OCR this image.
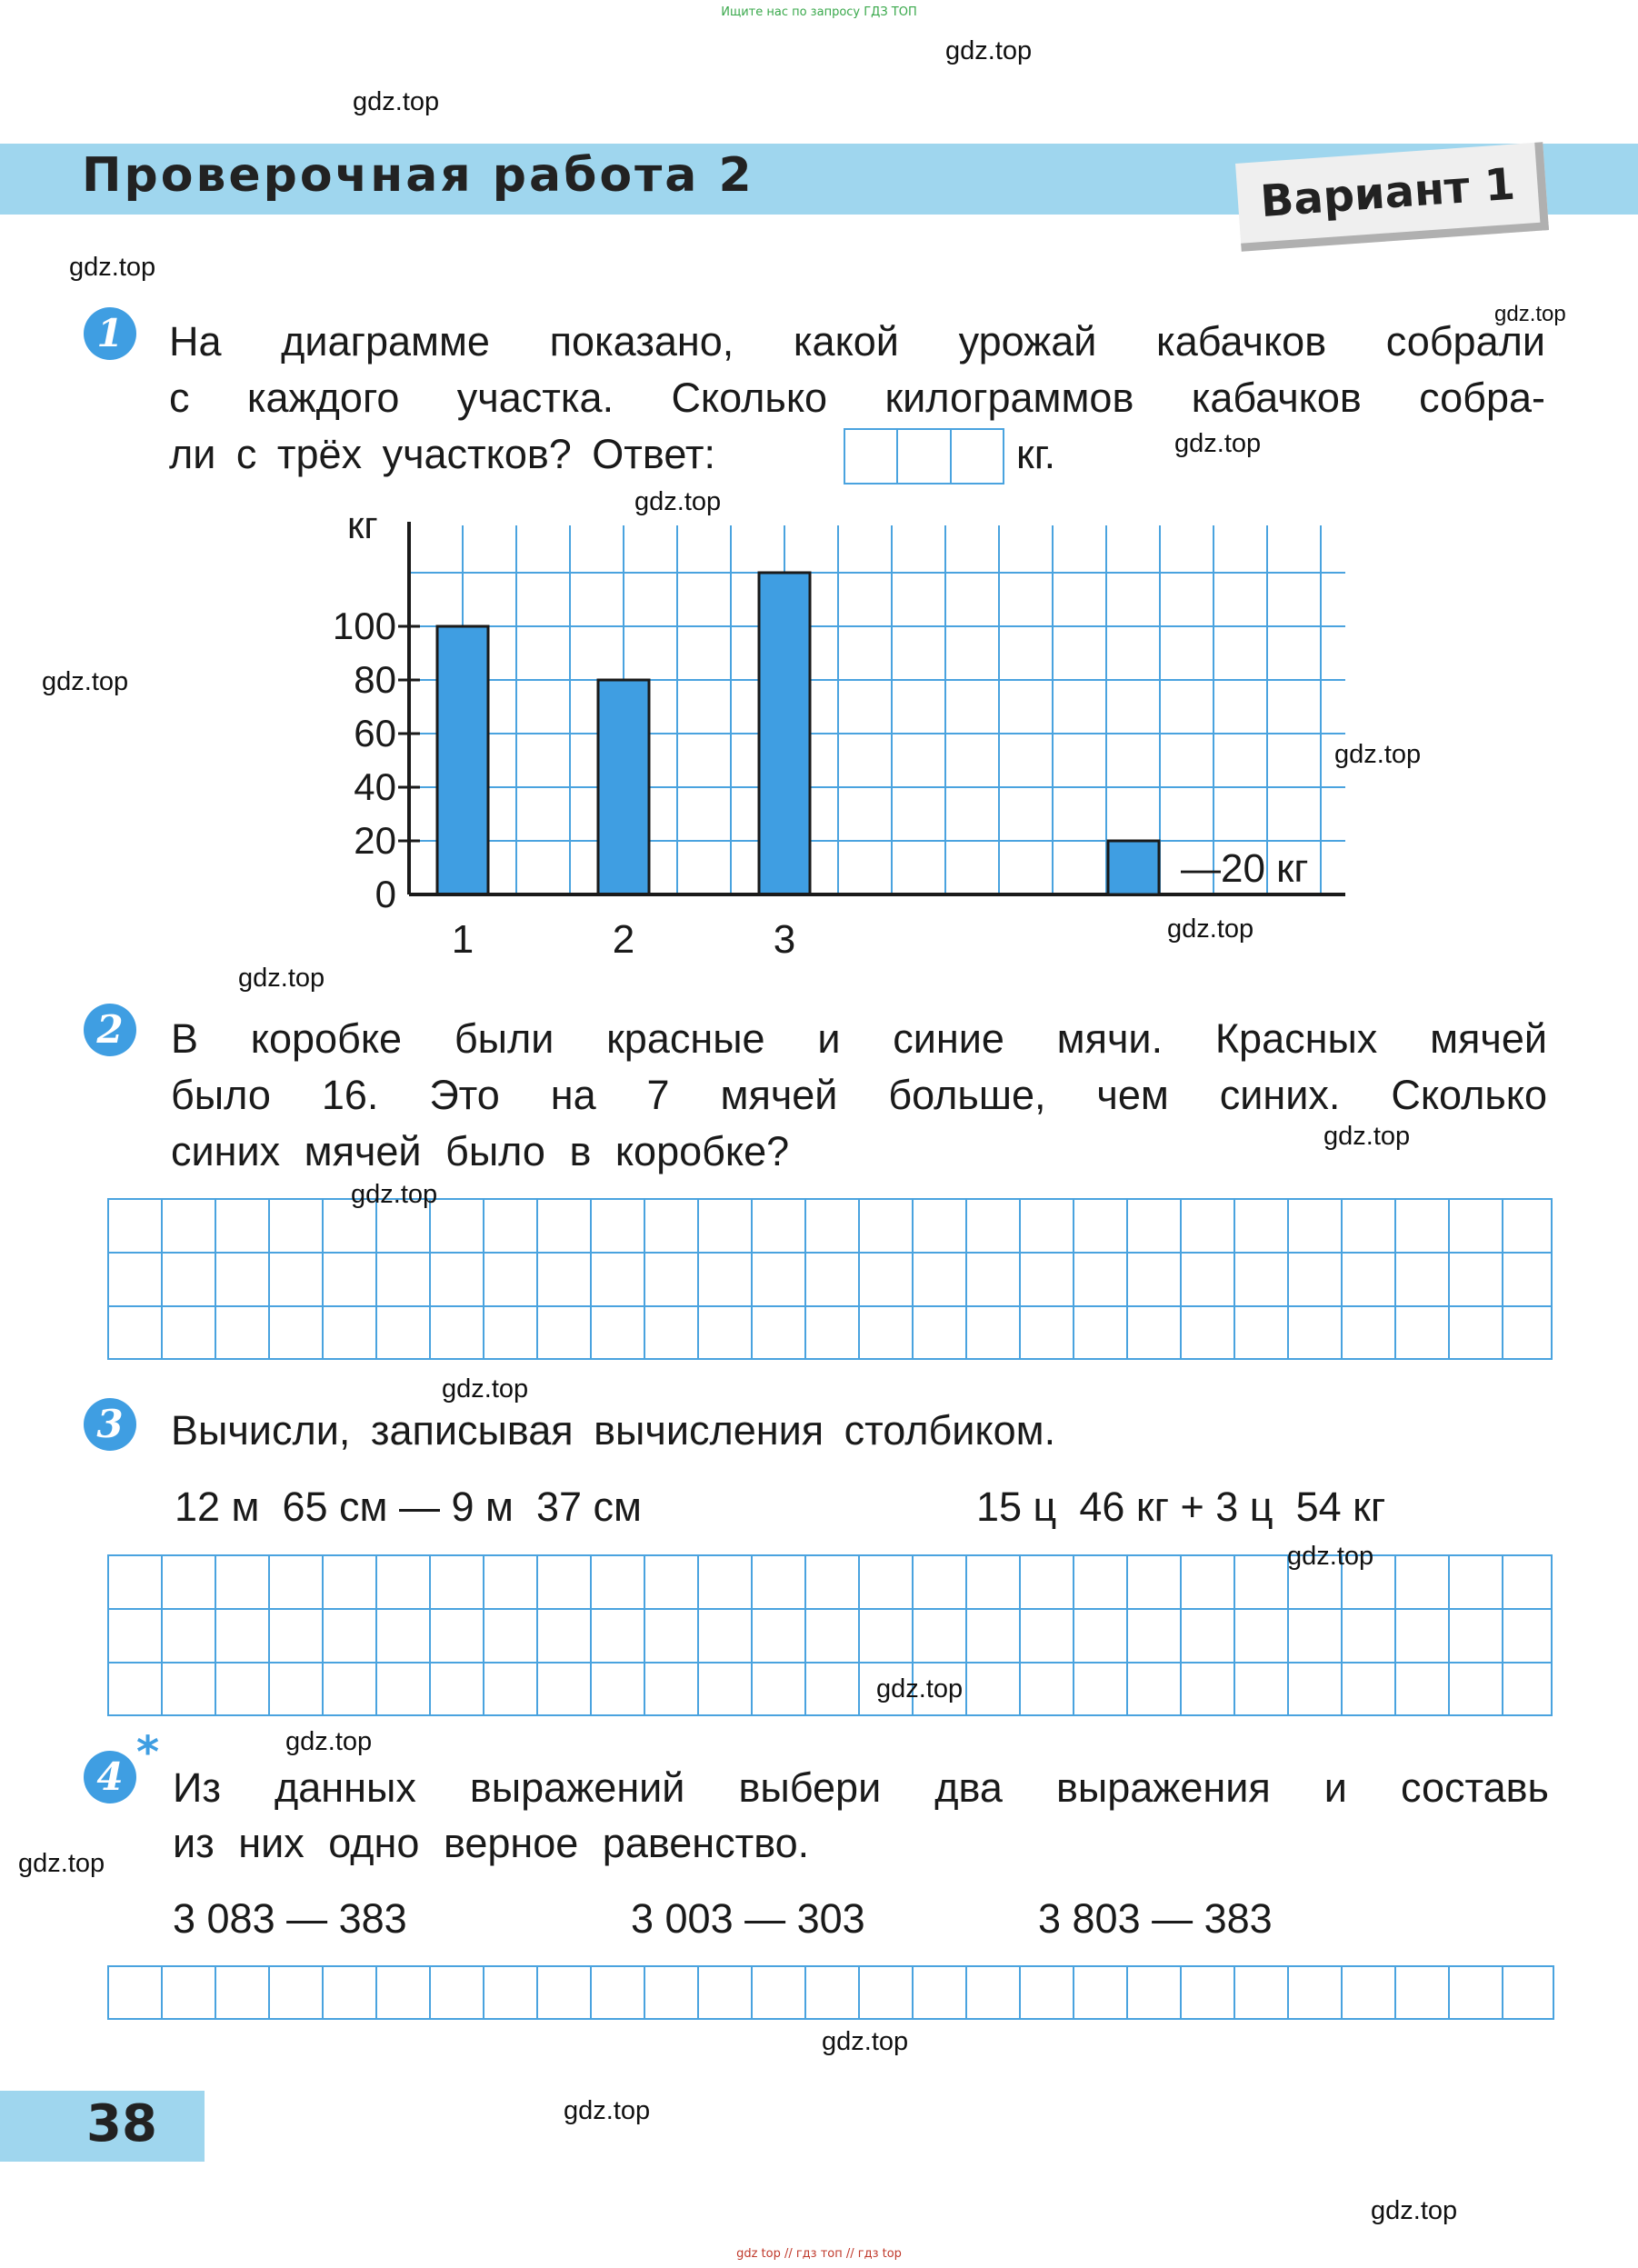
Ищите нас по запросу ГДЗ ТОП
Проверочная работа 2	Вариант 1
1	На диаграмме показано, какой урожай кабачков собрали
с каждого участка. Сколько килограммов кабачков собра-
ли с трёх участков? Ответ:	кг.
0
20
40
60
80
100
1	2	3
—20 кг
кг
2	В коробке были красные и синие мячи. Красных мячей
было 16. Это на 7 мячей больше, чем синих. Сколько
синих мячей было в коробке?
3	Вычисли, записывая вычисления столбиком.
12 м  65 см — 9 м  37 см	15 ц  46 кг + 3 ц  54 кг
4 *
Из данных выражений выбери два выражения и составь
из них одно верное равенство.
3 083 — 383	3 003 — 303	3 803 — 383
38
gdz.top
gdz.top
gdz.top
gdz.top
gdz.top
gdz.top
gdz.top
gdz.top
gdz.top
gdz.top
gdz.top
gdz.top
gdz.top
gdz.top
gdz.top
gdz.top
gdz.top
gdz.top
gdz.top
gdz.top
gdz top // гдз топ // гдз top
